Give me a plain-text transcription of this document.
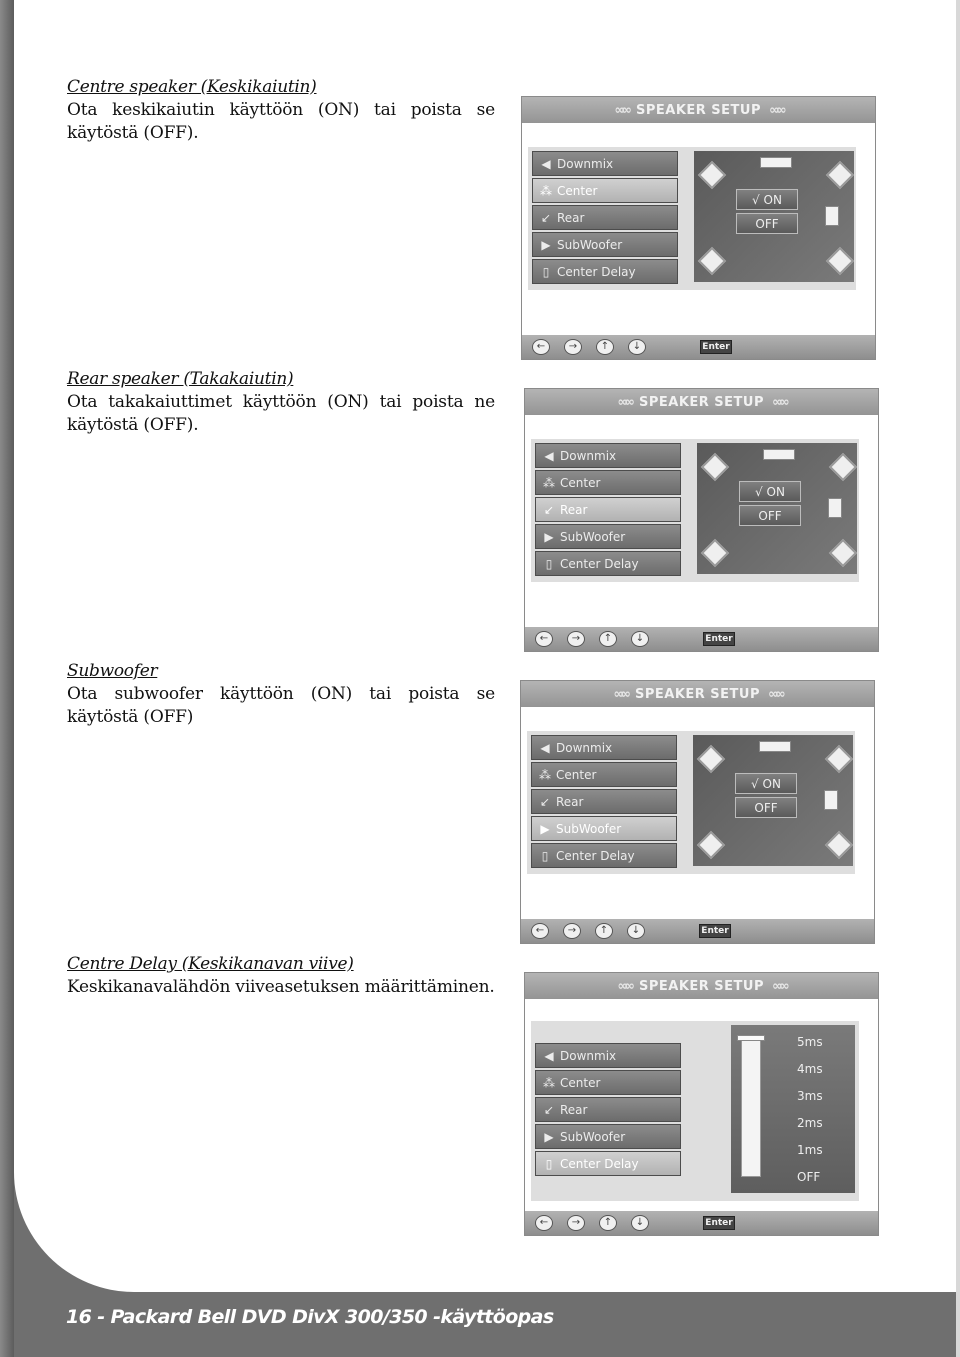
Centre speaker (Keskikaiutin)
Ota keskikaiutin käyttöön (ON) tai poista se käytöstä (OFF).
∞∞ SPEAKER SETUP ∞∞
◀ Downmix
⁂ Center
↙ Rear
▶ SubWoofer
▯ Center Delay
√ ON
OFF
←	→	↑	↓	Enter
Rear speaker (Takakaiutin)
Ota takakaiuttimet käyttöön (ON) tai poista ne käytöstä (OFF).
∞∞ SPEAKER SETUP ∞∞
◀ Downmix
⁂ Center
↙ Rear
▶ SubWoofer
▯ Center Delay
√ ON
OFF
←	→	↑	↓	Enter
Subwoofer
Ota subwoofer käyttöön (ON) tai poista se käytöstä (OFF)
∞∞ SPEAKER SETUP ∞∞
◀ Downmix
⁂ Center
↙ Rear
▶ SubWoofer
▯ Center Delay
√ ON
OFF
←	→	↑	↓	Enter
Centre Delay (Keskikanavan viive)
Keskikanavalähdön viiveasetuksen määrittäminen.	∞∞ SPEAKER SETUP ∞∞
◀ Downmix
⁂ Center
↙ Rear
▶ SubWoofer
▯ Center Delay
5ms
4ms
3ms
2ms
1ms
OFF
←	→	↑	↓	Enter
16 - Packard Bell DVD DivX 300/350 -käyttöopas
